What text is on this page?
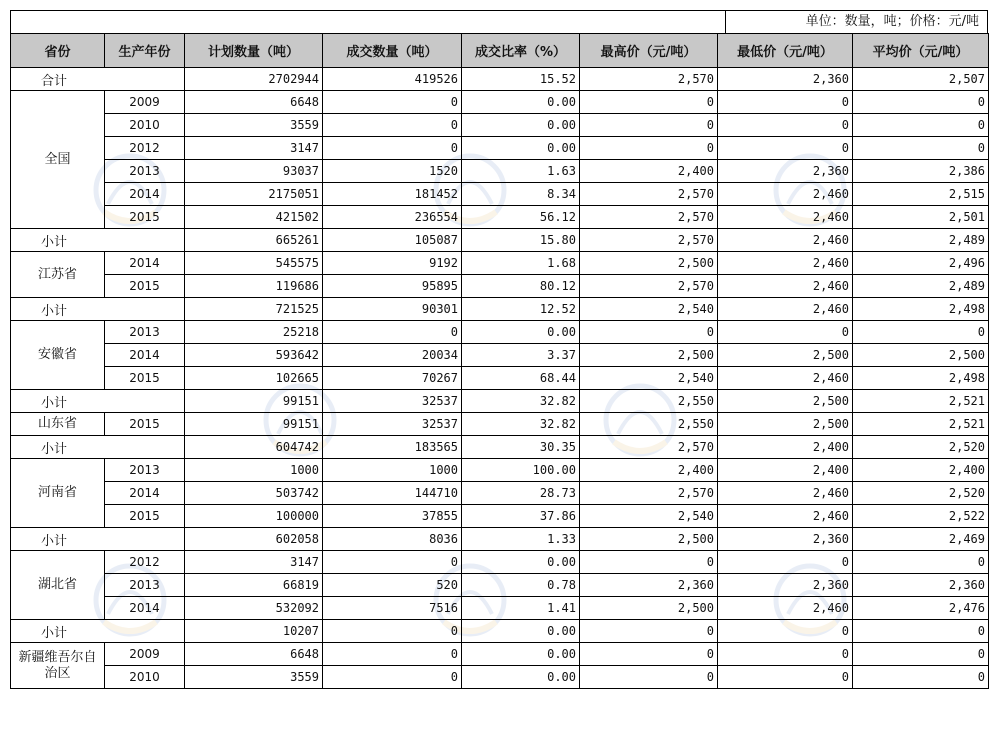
单位：数量，吨；价格：元/吨
省份	生产年份	计划数量（吨）	成交数量（吨）	成交比率（%）	最高价（元/吨）	最低价（元/吨）	平均价（元/吨）
合计		2702944	419526	15.52	2,570	2,360	2,507
全国	2009	6648	0	0.00	0	0	0
	2010	3559	0	0.00	0	0	0
	2012	3147	0	0.00	0	0	0
	2013	93037	1520	1.63	2,400	2,360	2,386
	2014	2175051	181452	8.34	2,570	2,460	2,515
	2015	421502	236554	56.12	2,570	2,460	2,501
小计		665261	105087	15.80	2,570	2,460	2,489
江苏省	2014	545575	9192	1.68	2,500	2,460	2,496
	2015	119686	95895	80.12	2,570	2,460	2,489
小计		721525	90301	12.52	2,540	2,460	2,498
安徽省	2013	25218	0	0.00	0	0	0
	2014	593642	20034	3.37	2,500	2,500	2,500
	2015	102665	70267	68.44	2,540	2,460	2,498
小计		99151	32537	32.82	2,550	2,500	2,521
山东省	2015	99151	32537	32.82	2,550	2,500	2,521
小计		604742	183565	30.35	2,570	2,400	2,520
河南省	2013	1000	1000	100.00	2,400	2,400	2,400
	2014	503742	144710	28.73	2,570	2,460	2,520
	2015	100000	37855	37.86	2,540	2,460	2,522
小计		602058	8036	1.33	2,500	2,360	2,469
湖北省	2012	3147	0	0.00	0	0	0
	2013	66819	520	0.78	2,360	2,360	2,360
	2014	532092	7516	1.41	2,500	2,460	2,476
小计		10207	0	0.00	0	0	0
新疆维吾尔自治区	2009	6648	0	0.00	0	0	0
	2010	3559	0	0.00	0	0	0
